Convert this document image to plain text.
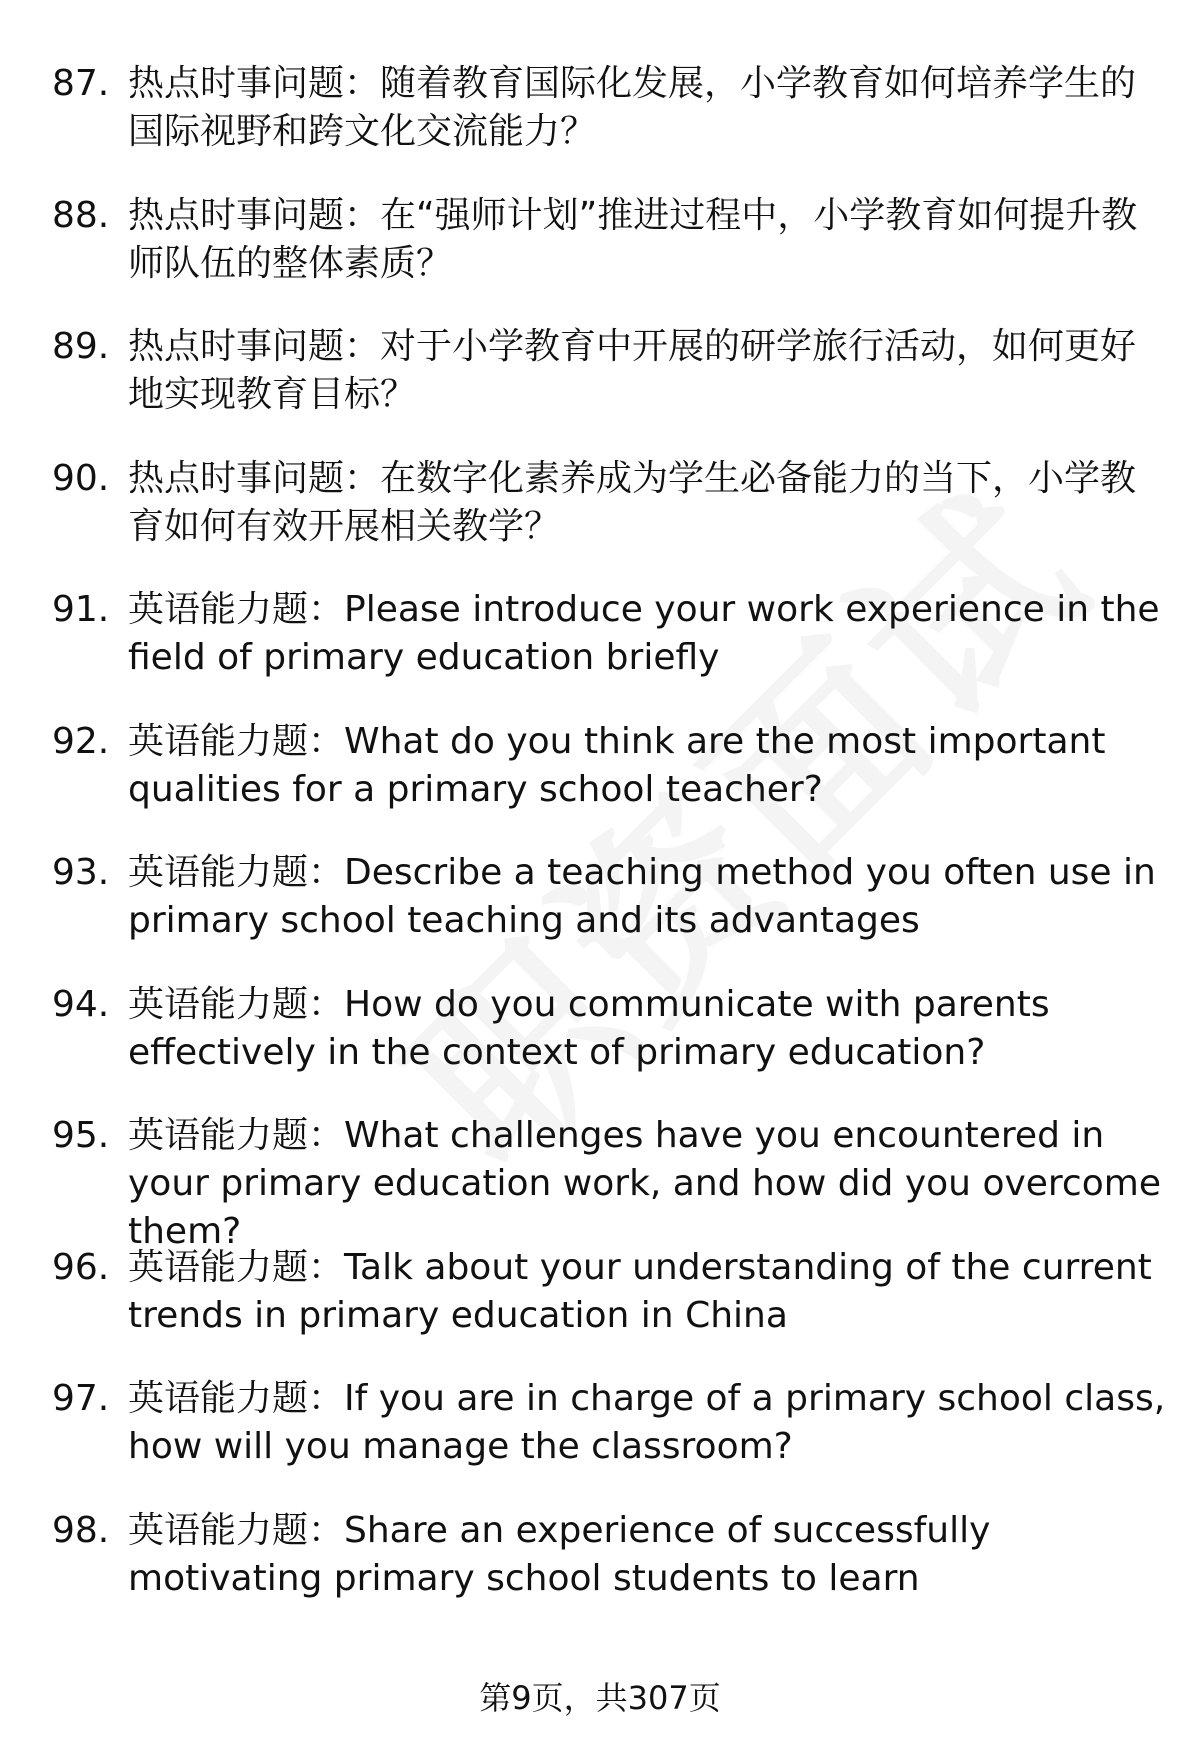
87. 热点时事问题：随着教育国际化发展，小学教育如何培养学生的国际视野和跨文化交流能力？
88. 热点时事问题：在“强师计划”推进过程中，小学教育如何提升教师队伍的整体素质？
89. 热点时事问题：对于小学教育中开展的研学旅行活动，如何更好地实现教育目标？
90. 热点时事问题：在数字化素养成为学生必备能力的当下，小学教育如何有效开展相关教学？
91. 英语能力题：Please introduce your work experience in the field of primary education briefly
92. 英语能力题：What do you think are the most important qualities for a primary school teacher?
93. 英语能力题：Describe a teaching method you often use in primary school teaching and its advantages
94. 英语能力题：How do you communicate with parents effectively in the context of primary education?
95. 英语能力题：What challenges have you encountered in your primary education work, and how did you overcome them?
96. 英语能力题：Talk about your understanding of the current trends in primary education in China
97. 英语能力题：If you are in charge of a primary school class, how will you manage the classroom?
98. 英语能力题：Share an experience of successfully motivating primary school students to learn
第9页，共307页
